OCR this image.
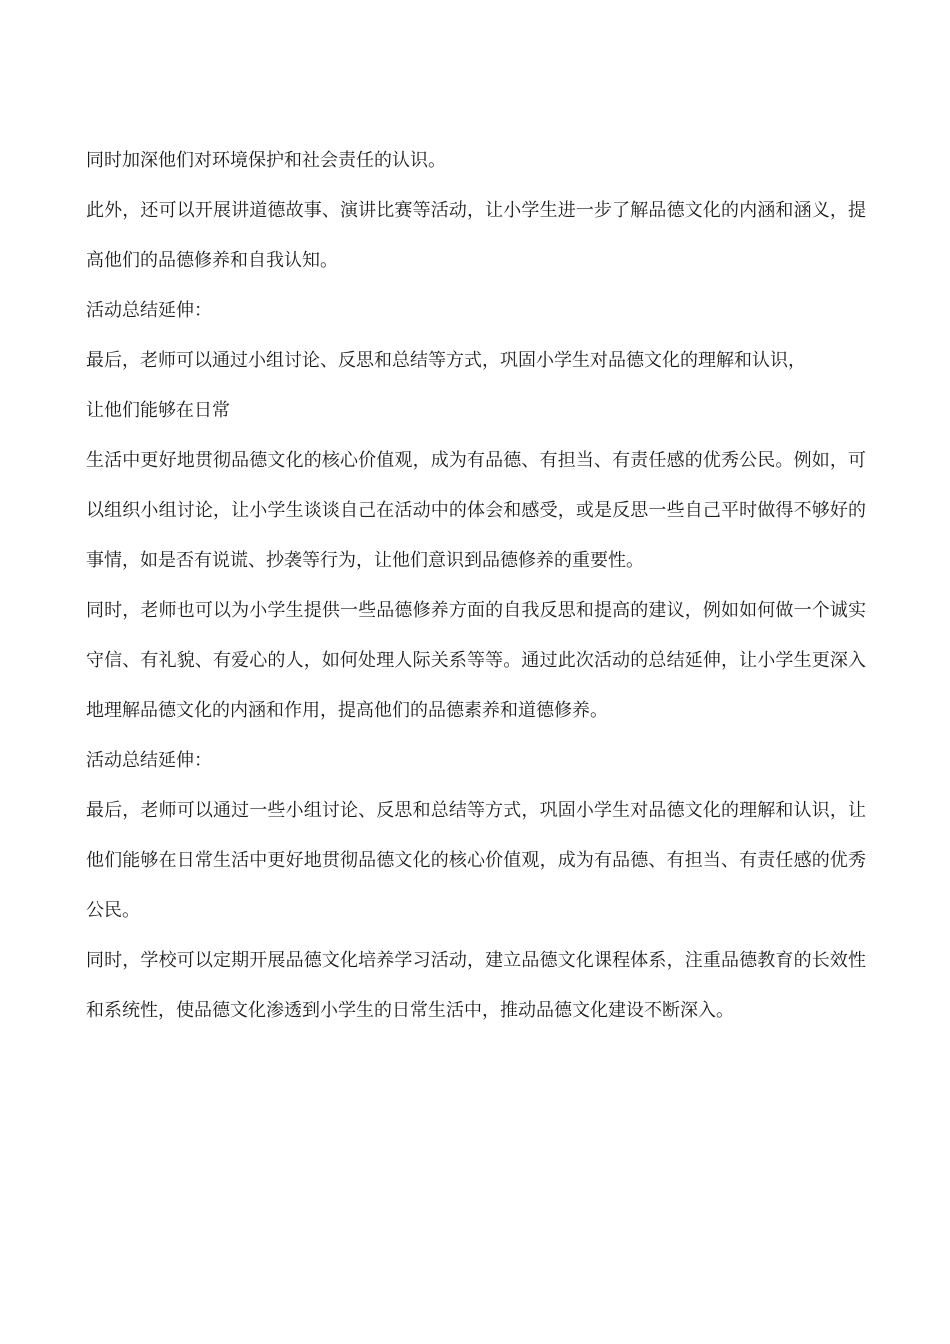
同时加深他们对环境保护和社会责任的认识。

此外，还可以开展讲道德故事、演讲比赛等活动，让小学生进一步了解品德文化的内涵和涵义，提高他们的品德修养和自我认知。

活动总结延伸：

最后，老师可以通过小组讨论、反思和总结等方式，巩固小学生对品德文化的理解和认识，
让他们能够在日常

生活中更好地贯彻品德文化的核心价值观，成为有品德、有担当、有责任感的优秀公民。例如，可以组织小组讨论，让小学生谈谈自己在活动中的体会和感受，或是反思一些自己平时做得不够好的事情，如是否有说谎、抄袭等行为，让他们意识到品德修养的重要性。

同时，老师也可以为小学生提供一些品德修养方面的自我反思和提高的建议，例如如何做一个诚实守信、有礼貌、有爱心的人，如何处理人际关系等等。通过此次活动的总结延伸，让小学生更深入地理解品德文化的内涵和作用，提高他们的品德素养和道德修养。

活动总结延伸：

最后，老师可以通过一些小组讨论、反思和总结等方式，巩固小学生对品德文化的理解和认识，让他们能够在日常生活中更好地贯彻品德文化的核心价值观，成为有品德、有担当、有责任感的优秀公民。

同时，学校可以定期开展品德文化培养学习活动，建立品德文化课程体系，注重品德教育的长效性和系统性，使品德文化渗透到小学生的日常生活中，推动品德文化建设不断深入。
